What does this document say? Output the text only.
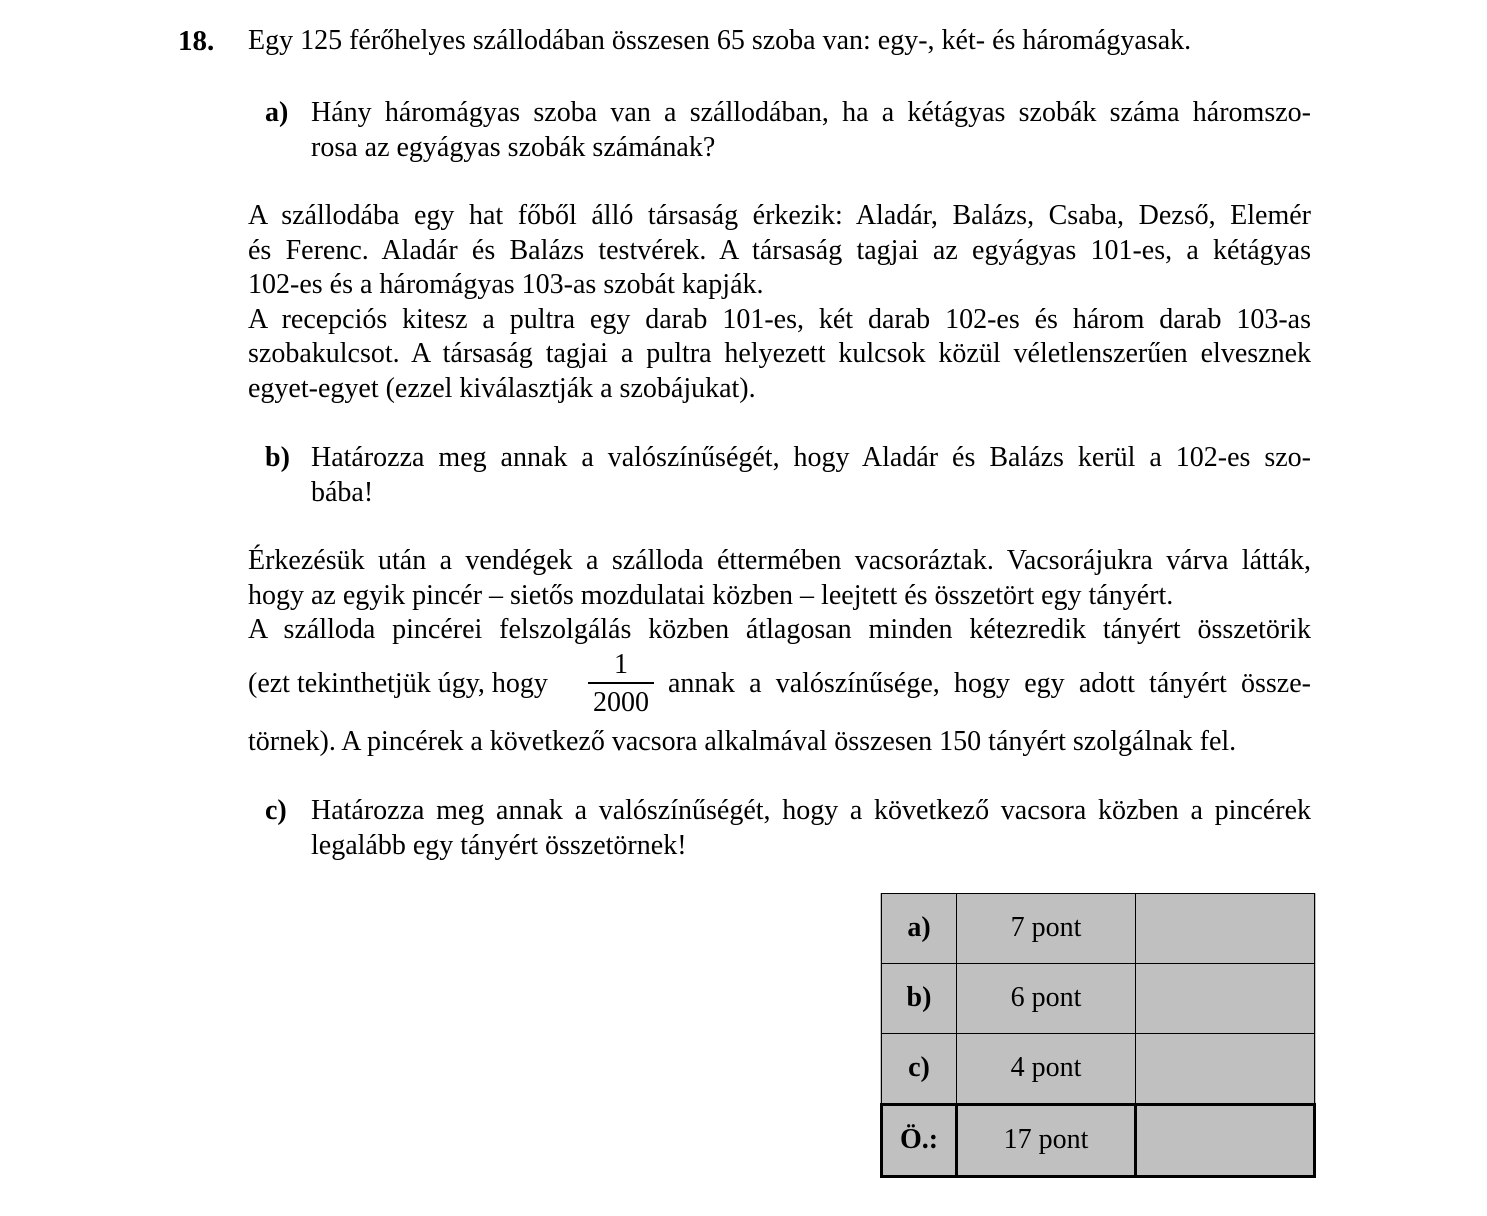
18. Egy 125 férőhelyes szállodában összesen 65 szoba van: egy-, két- és háromágyasak.
a) Hány háromágyas szoba van a szállodában, ha a kétágyas szobák száma háromszo-
rosa az egyágyas szobák számának?
A szállodába egy hat főből álló társaság érkezik: Aladár, Balázs, Csaba, Dezső, Elemér
és Ferenc. Aladár és Balázs testvérek. A társaság tagjai az egyágyas 101-es, a kétágyas
102-es és a háromágyas 103-as szobát kapják.
A recepciós kitesz a pultra egy darab 101-es, két darab 102-es és három darab 103-as
szobakulcsot. A társaság tagjai a pultra helyezett kulcsok közül véletlenszerűen elvesznek
egyet-egyet (ezzel kiválasztják a szobájukat).
b) Határozza meg annak a valószínűségét, hogy Aladár és Balázs kerül a 102-es szo-
bába!
Érkezésük után a vendégek a szálloda éttermében vacsoráztak. Vacsorájukra várva látták,
hogy az egyik pincér – sietős mozdulatai közben – leejtett és összetört egy tányért.
A szálloda pincérei felszolgálás közben átlagosan minden kétezredik tányért összetörik
(ezt tekinthetjük úgy, hogy
1
2000
annak a valószínűsége, hogy egy adott tányért össze-
törnek). A pincérek a következő vacsora alkalmával összesen 150 tányért szolgálnak fel.
c) Határozza meg annak a valószínűségét, hogy a következő vacsora közben a pincérek
legalább egy tányért összetörnek!
a)	7 pont	
b)	6 pont	
c)	4 pont	
Ö.:	17 pont	
